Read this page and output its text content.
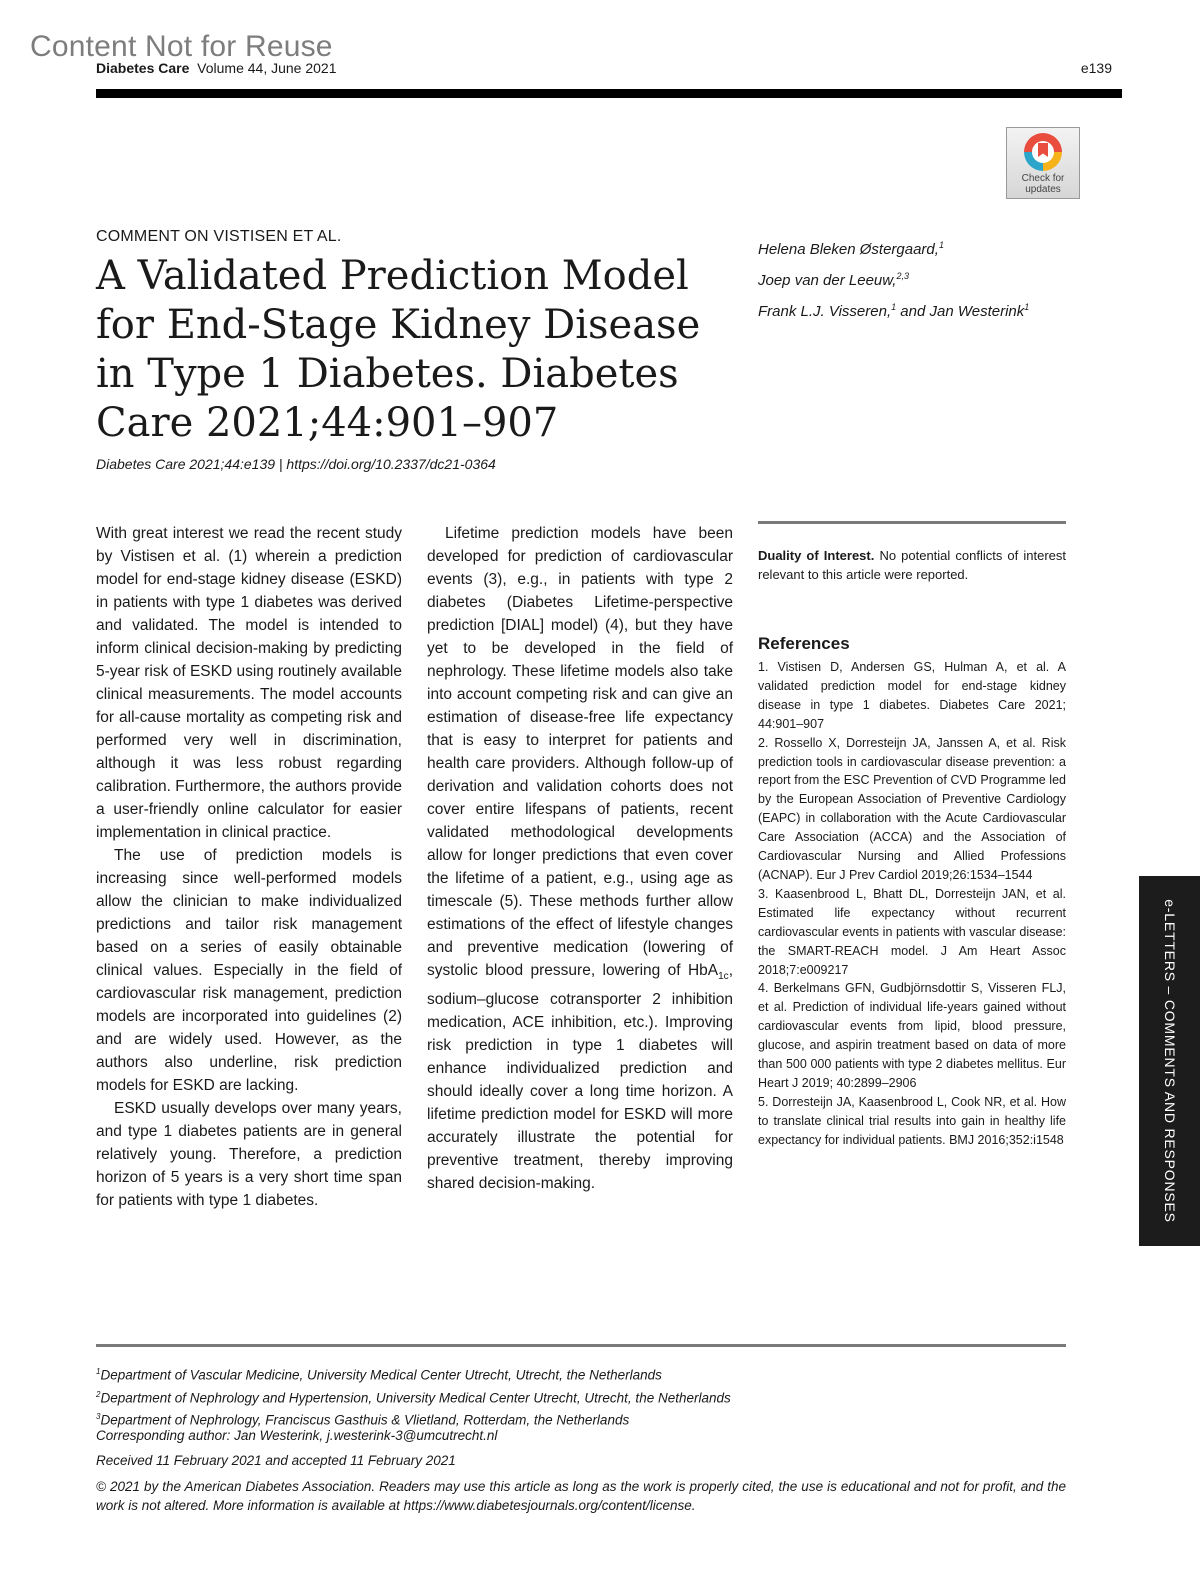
Content Not for Reuse
Diabetes Care Volume 44, June 2021	e139
Check for
updates
COMMENT ON VISTISEN ET AL.
A Validated Prediction Model for End-Stage Kidney Disease in Type 1 Diabetes. Diabetes Care 2021;44:901–907
Diabetes Care 2021;44:e139 | https://doi.org/10.2337/dc21-0364
Helena Bleken Østergaard,$^1$
Joep van der Leeuw,$^{2,3}$
Frank L.J. Visseren,$^1$ and Jan Westerink$^1$

With great interest we read the recent study by Vistisen et al. (1) wherein a prediction model for end-stage kidney disease (ESKD) in patients with type 1 diabetes was derived and validated. The model is intended to inform clinical decision-making by predicting 5-year risk of ESKD using routinely available clinical measurements. The model accounts for all-cause mortality as competing risk and performed very well in discrimination, although it was less robust regarding calibration. Furthermore, the authors provide a user-friendly online calculator for easier implementation in clinical practice.

The use of prediction models is increasing since well-performed models allow the clinician to make individualized predictions and tailor risk management based on a series of easily obtainable clinical values. Especially in the field of cardiovascular risk management, prediction models are incorporated into guidelines (2) and are widely used. However, as the authors also underline, risk prediction models for ESKD are lacking.

ESKD usually develops over many years, and type 1 diabetes patients are in general relatively young. Therefore, a prediction horizon of 5 years is a very short time span for patients with type 1 diabetes.

Lifetime prediction models have been developed for prediction of cardiovascular events (3), e.g., in patients with type 2 diabetes (Diabetes Lifetime-perspective prediction [DIAL] model) (4), but they have yet to be developed in the field of nephrology. These lifetime models also take into account competing risk and can give an estimation of disease-free life expectancy that is easy to interpret for patients and health care providers. Although follow-up of derivation and validation cohorts does not cover entire lifespans of patients, recent validated methodological developments allow for longer predictions that even cover the lifetime of a patient, e.g., using age as timescale (5). These methods further allow estimations of the effect of lifestyle changes and preventive medication (lowering of systolic blood pressure, lowering of HbA$_{1c}$, sodium–glucose cotransporter 2 inhibition medication, ACE inhibition, etc.). Improving risk prediction in type 1 diabetes will enhance individualized prediction and should ideally cover a long time horizon. A lifetime prediction model for ESKD will more accurately illustrate the potential for preventive treatment, thereby improving shared decision-making.

Duality of Interest. No potential conflicts of interest relevant to this article were reported.
References
1. Vistisen D, Andersen GS, Hulman A, et al. A validated prediction model for end-stage kidney disease in type 1 diabetes. Diabetes Care 2021; 44:901–907
2. Rossello X, Dorresteijn JA, Janssen A, et al. Risk prediction tools in cardiovascular disease prevention: a report from the ESC Prevention of CVD Programme led by the European Association of Preventive Cardiology (EAPC) in collaboration with the Acute Cardiovascular Care Association (ACCA) and the Association of Cardiovascular Nursing and Allied Professions (ACNAP). Eur J Prev Cardiol 2019;26:1534–1544
3. Kaasenbrood L, Bhatt DL, Dorresteijn JAN, et al. Estimated life expectancy without recurrent cardiovascular events in patients with vascular disease: the SMART-REACH model. J Am Heart Assoc 2018;7:e009217
4. Berkelmans GFN, Gudbjörnsdottir S, Visseren FLJ, et al. Prediction of individual life-years gained without cardiovascular events from lipid, blood pressure, glucose, and aspirin treatment based on data of more than 500 000 patients with type 2 diabetes mellitus. Eur Heart J 2019; 40:2899–2906
5. Dorresteijn JA, Kaasenbrood L, Cook NR, et al. How to translate clinical trial results into gain in healthy life expectancy for individual patients. BMJ 2016;352:i1548	e-LETTERS – COMMENTS AND RESPONSES
$^1$Department of Vascular Medicine, University Medical Center Utrecht, Utrecht, the Netherlands
$^2$Department of Nephrology and Hypertension, University Medical Center Utrecht, Utrecht, the Netherlands
$^3$Department of Nephrology, Franciscus Gasthuis & Vlietland, Rotterdam, the Netherlands
Corresponding author: Jan Westerink, j.westerink-3@umcutrecht.nl
Received 11 February 2021 and accepted 11 February 2021
© 2021 by the American Diabetes Association. Readers may use this article as long as the work is properly cited, the use is educational and not for profit, and the work is not altered. More information is available at https://www.diabetesjournals.org/content/license.
